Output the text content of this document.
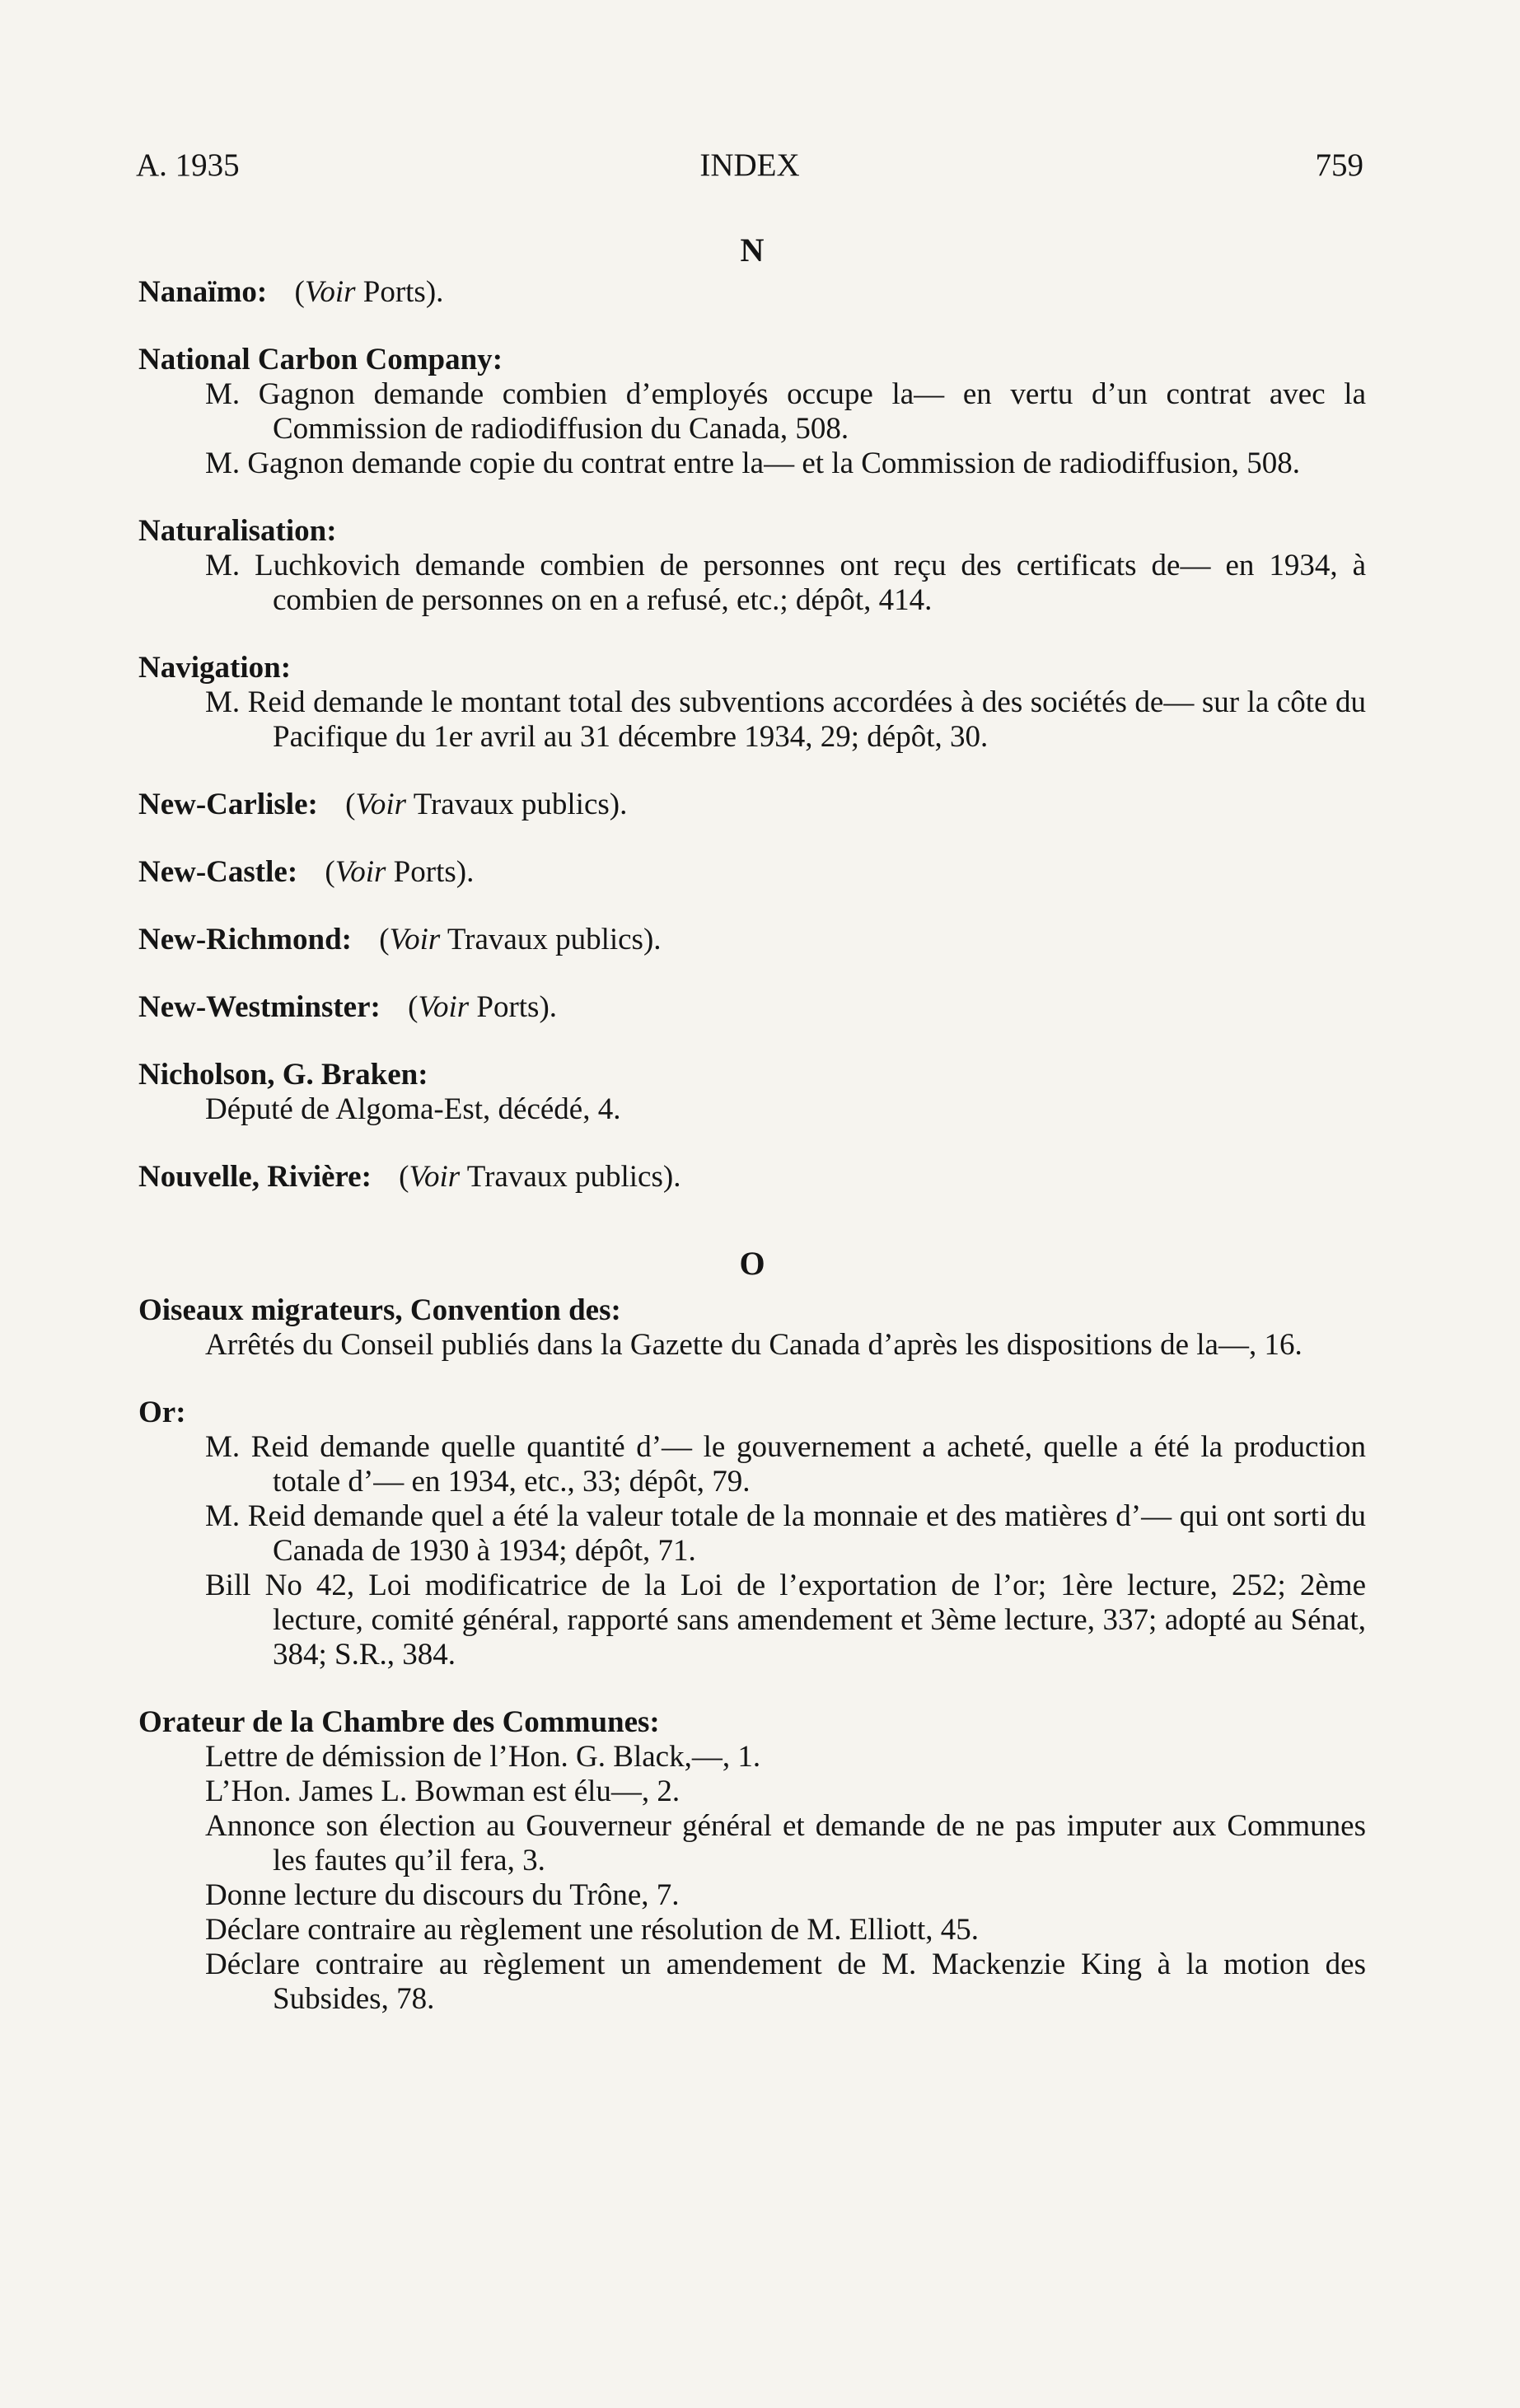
A. 1935	INDEX	759
N
Nanaïmo: (Voir Ports).
National Carbon Company:
M. Gagnon demande combien d’employés occupe la— en vertu d’un contrat avec la Commission de radiodiffusion du Canada, 508.
M. Gagnon demande copie du contrat entre la— et la Commission de radiodiffusion, 508.
Naturalisation:
M. Luchkovich demande combien de personnes ont reçu des certificats de— en 1934, à combien de personnes on en a refusé, etc.; dépôt, 414.
Navigation:
M. Reid demande le montant total des subventions accordées à des sociétés de— sur la côte du Pacifique du 1er avril au 31 décembre 1934, 29; dépôt, 30.
New-Carlisle: (Voir Travaux publics).
New-Castle: (Voir Ports).
New-Richmond: (Voir Travaux publics).
New-Westminster: (Voir Ports).
Nicholson, G. Braken:
Député de Algoma-Est, décédé, 4.
Nouvelle, Rivière: (Voir Travaux publics).
O
Oiseaux migrateurs, Convention des:
Arrêtés du Conseil publiés dans la Gazette du Canada d’après les dispositions de la—, 16.
Or:
M. Reid demande quelle quantité d’— le gouvernement a acheté, quelle a été la production totale d’— en 1934, etc., 33; dépôt, 79.
M. Reid demande quel a été la valeur totale de la monnaie et des matières d’— qui ont sorti du Canada de 1930 à 1934; dépôt, 71.
Bill No 42, Loi modificatrice de la Loi de l’exportation de l’or; 1ère lecture, 252; 2ème lecture, comité général, rapporté sans amendement et 3ème lecture, 337; adopté au Sénat, 384; S.R., 384.
Orateur de la Chambre des Communes:
Lettre de démission de l’Hon. G. Black,—, 1.
L’Hon. James L. Bowman est élu—, 2.
Annonce son élection au Gouverneur général et demande de ne pas imputer aux Communes les fautes qu’il fera, 3.
Donne lecture du discours du Trône, 7.
Déclare contraire au règlement une résolution de M. Elliott, 45.
Déclare contraire au règlement un amendement de M. Mackenzie King à la motion des Subsides, 78.
